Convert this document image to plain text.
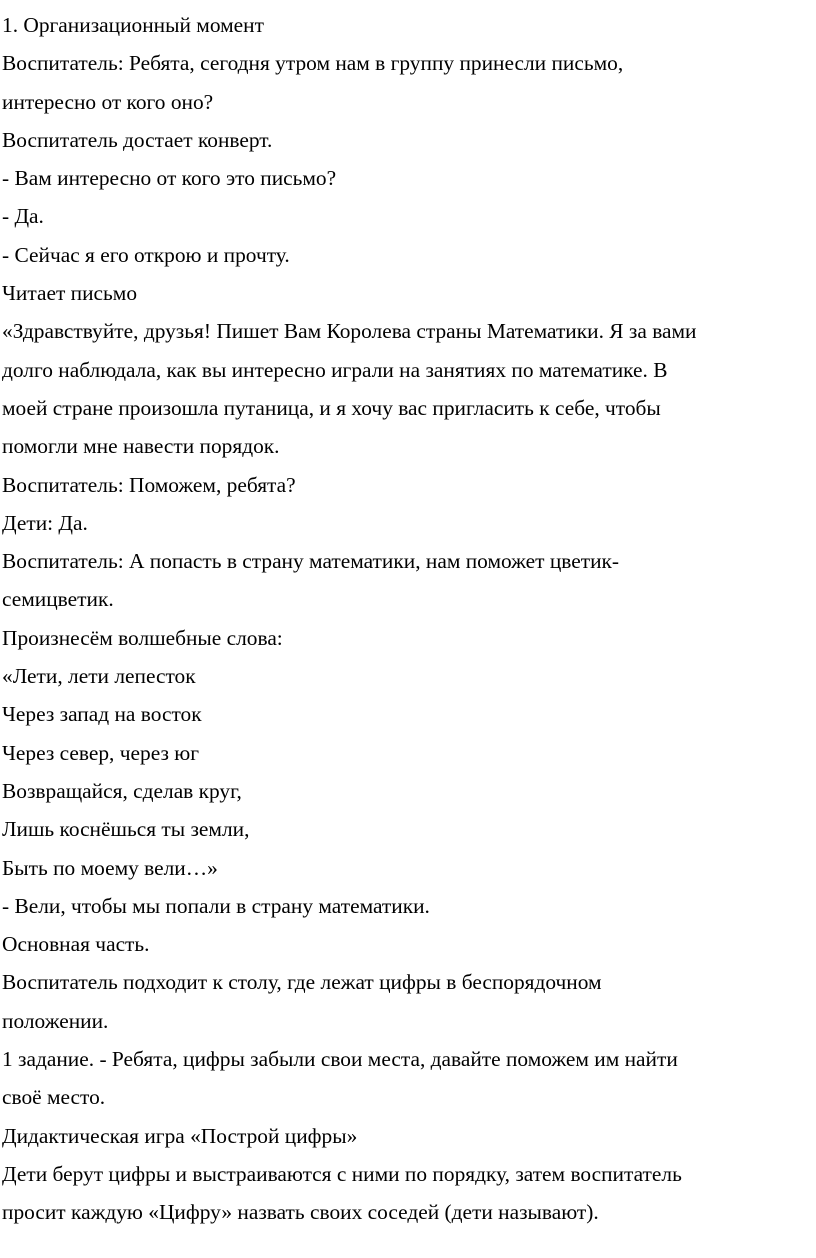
1. Организационный момент

Воспитатель: Ребята, сегодня утром нам в группу принесли письмо,

интересно от кого оно?

Воспитатель достает конверт.

- Вам интересно от кого это письмо?

- Да.

- Сейчас я его открою и прочту.

Читает письмо

«Здравствуйте, друзья! Пишет Вам Королева страны Математики. Я за вами

долго наблюдала, как вы интересно играли на занятиях по математике. В

моей стране произошла путаница, и я хочу вас пригласить к себе, чтобы

помогли мне навести порядок.

Воспитатель: Поможем, ребята?

Дети: Да.

Воспитатель: А попасть в страну математики, нам поможет цветик-

семицветик.

Произнесём волшебные слова:

«Лети, лети лепесток

Через запад на восток

Через север, через юг

Возвращайся, сделав круг,

Лишь коснёшься ты земли,

Быть по моему вели…»

- Вели, чтобы мы попали в страну математики.

Основная часть.

Воспитатель подходит к столу, где лежат цифры в беспорядочном

положении.

1 задание. - Ребята, цифры забыли свои места, давайте поможем им найти

своё место.

Дидактическая игра «Построй цифры»

Дети берут цифры и выстраиваются с ними по порядку, затем воспитатель

просит каждую «Цифру» назвать своих соседей (дети называют).
